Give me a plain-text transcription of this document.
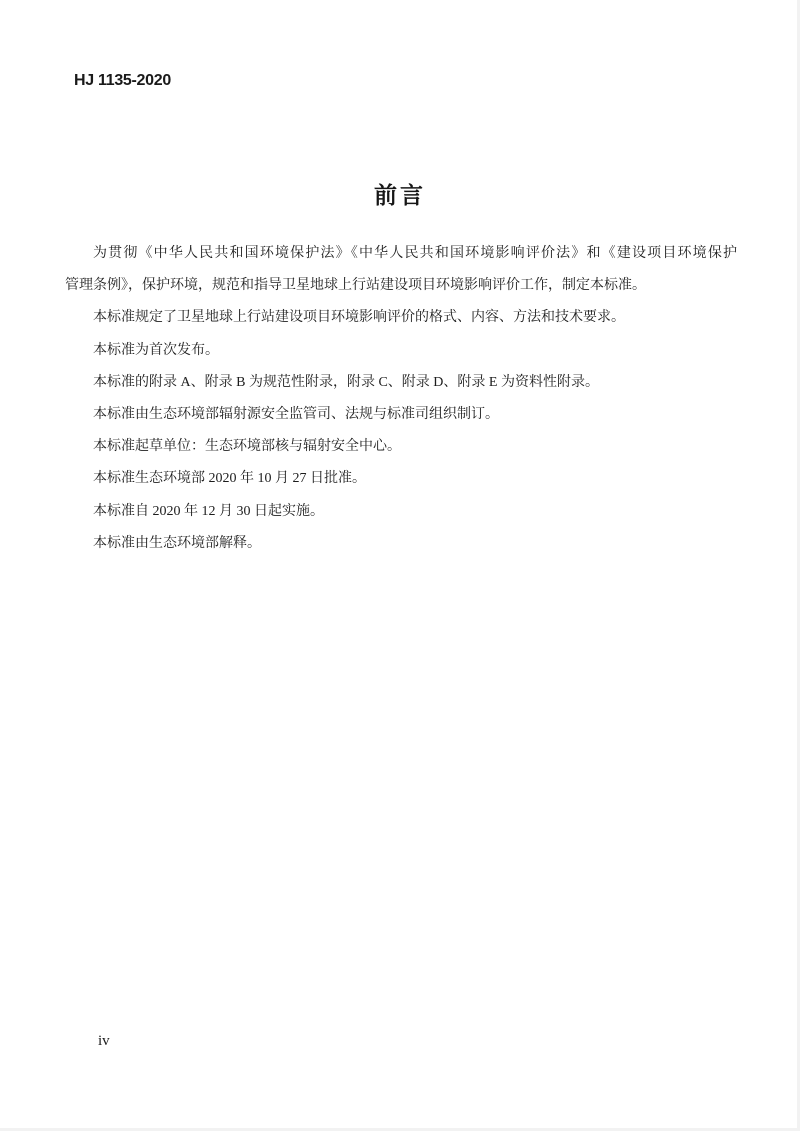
HJ 1135-2020
前言

为贯彻《中华人民共和国环境保护法》《中华人民共和国环境影响评价法》和《建设项目环境保护

管理条例》，保护环境，规范和指导卫星地球上行站建设项目环境影响评价工作，制定本标准。

本标准规定了卫星地球上行站建设项目环境影响评价的格式、内容、方法和技术要求。

本标准为首次发布。

本标准的附录 A、附录 B 为规范性附录，附录 C、附录 D、附录 E 为资料性附录。

本标准由生态环境部辐射源安全监管司、法规与标准司组织制订。

本标准起草单位：生态环境部核与辐射安全中心。

本标准生态环境部 2020 年 10 月 27 日批准。

本标准自 2020 年 12 月 30 日起实施。

本标准由生态环境部解释。

iv
